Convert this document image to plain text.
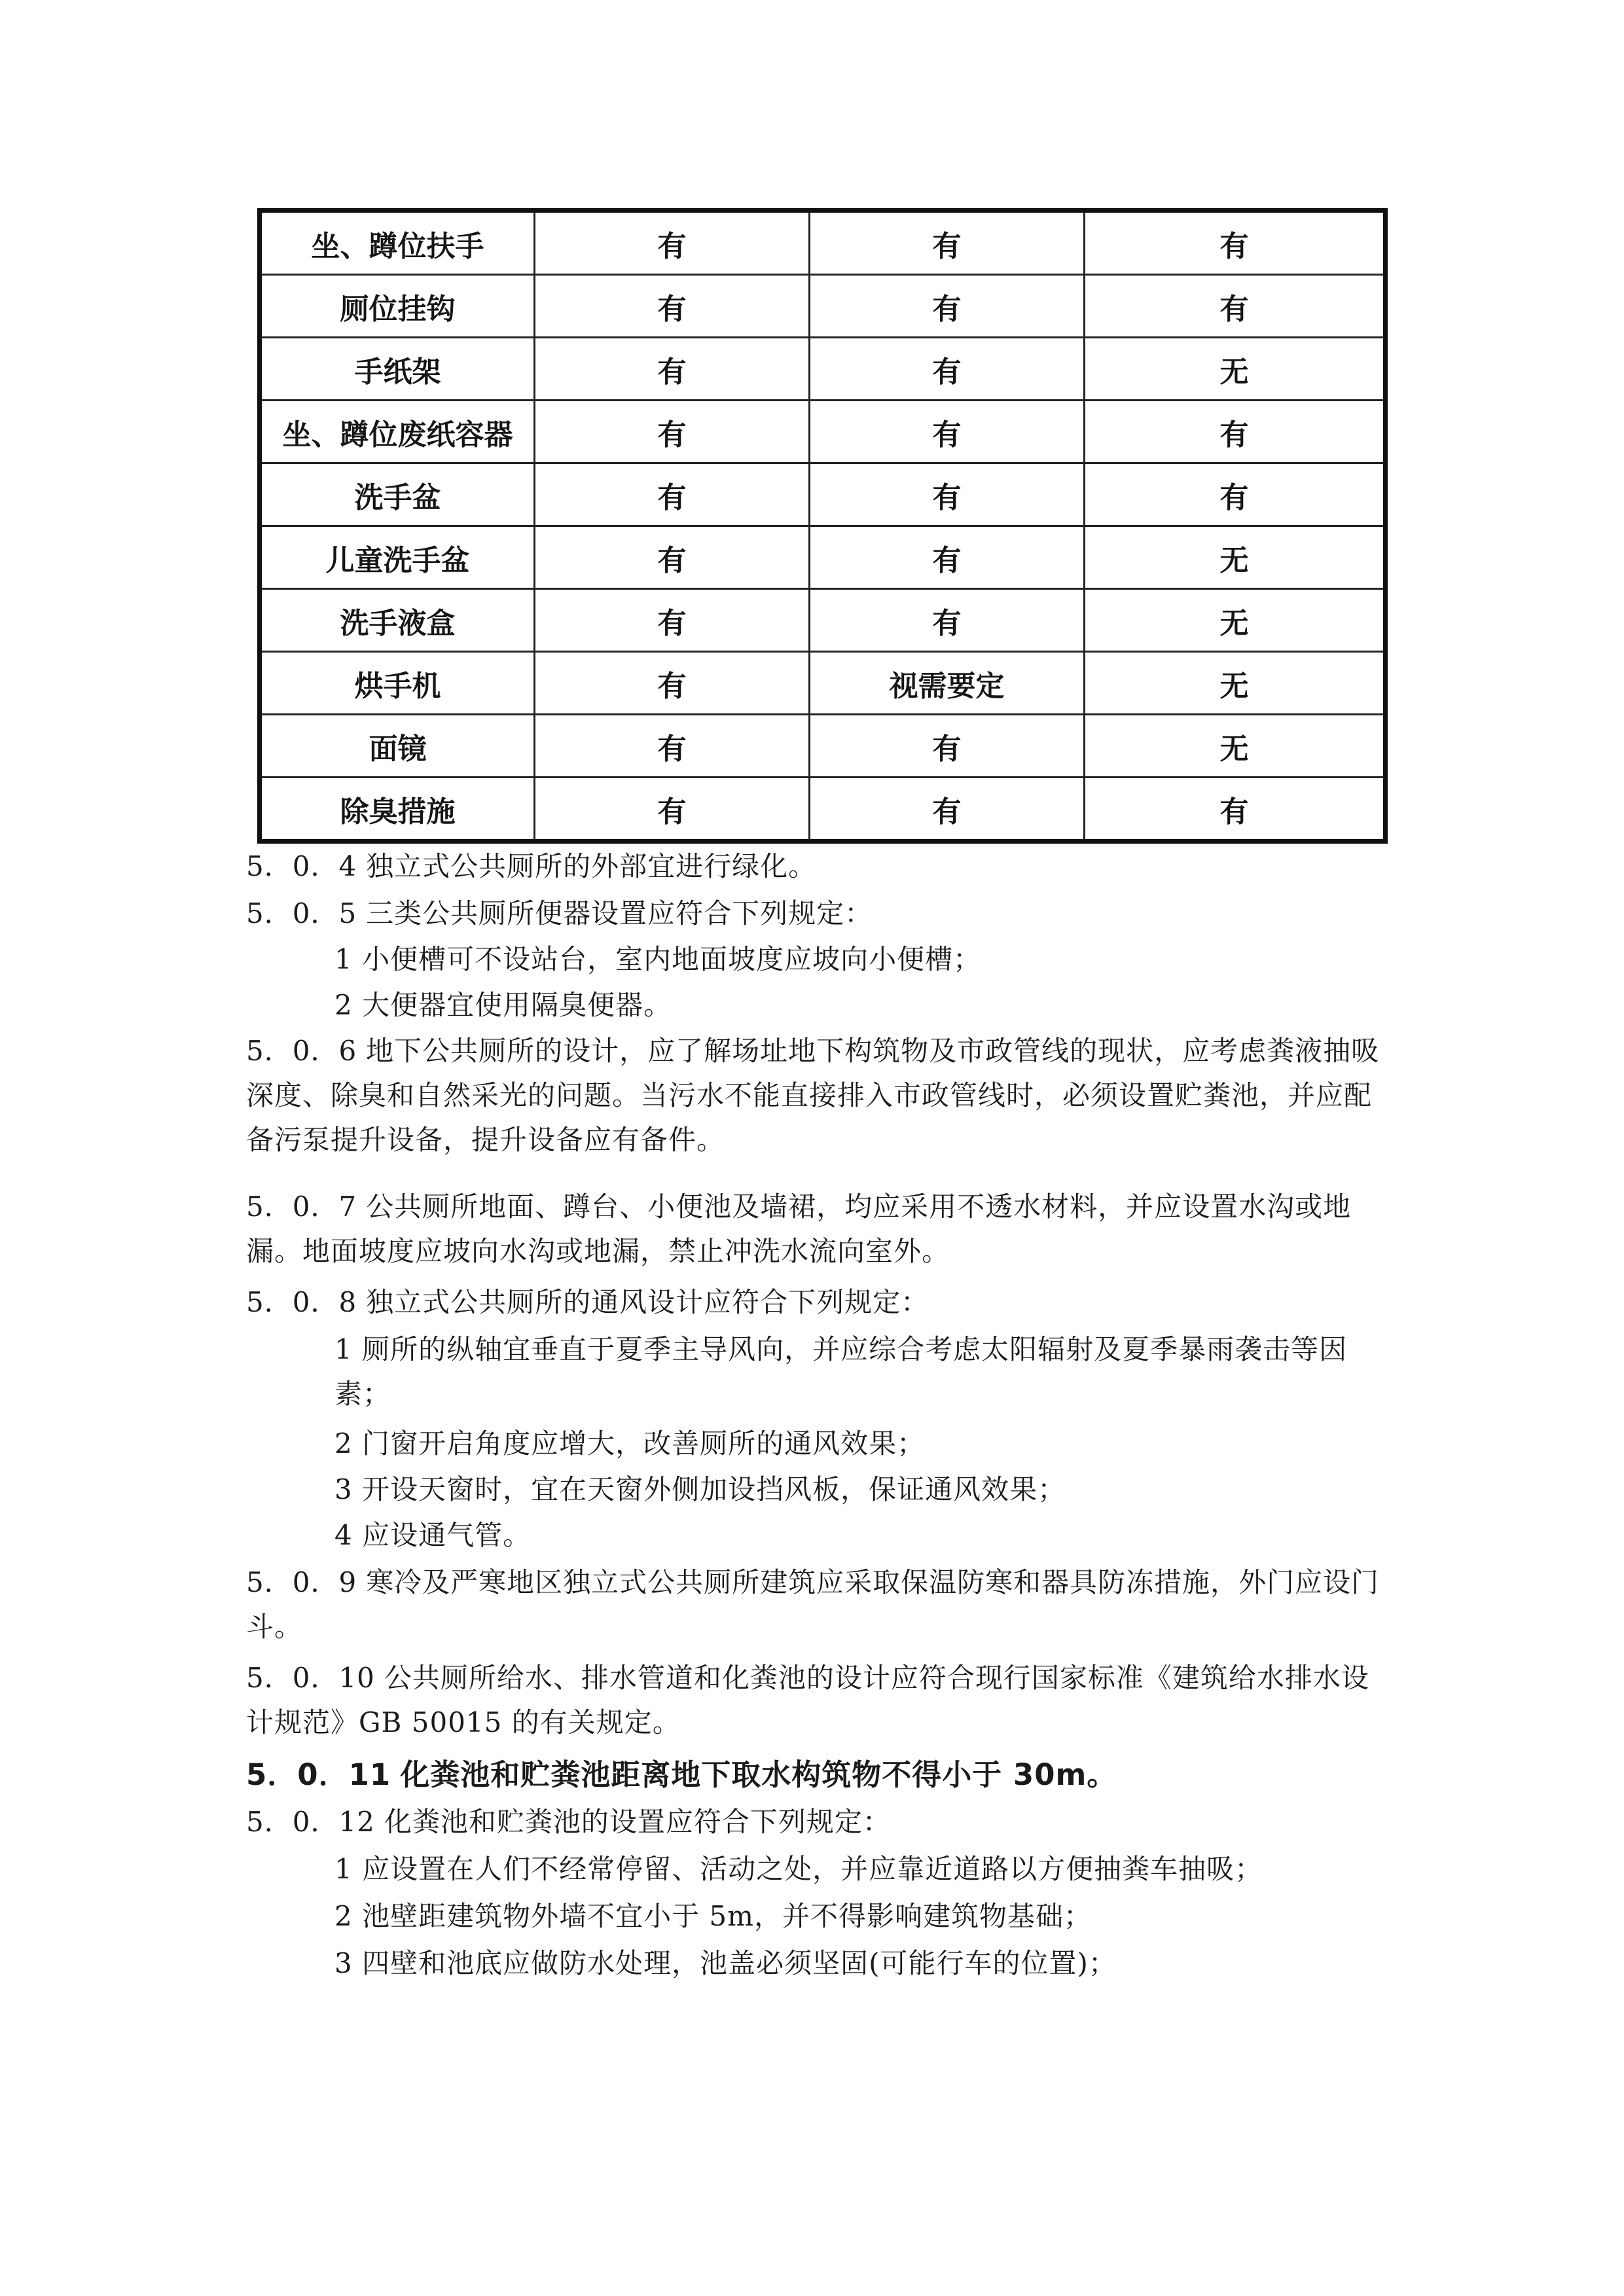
坐、蹲位扶手	有	有	有
厕位挂钩	有	有	有
手纸架	有	有	无
坐、蹲位废纸容器	有	有	有
洗手盆	有	有	有
儿童洗手盆	有	有	无
洗手液盒	有	有	无
烘手机	有	视需要定	无
面镜	有	有	无
除臭措施	有	有	有
5．0．4 独立式公共厕所的外部宜进行绿化。
5．0．5 三类公共厕所便器设置应符合下列规定：
1 小便槽可不设站台，室内地面坡度应坡向小便槽；
2 大便器宜使用隔臭便器。
5．0．6 地下公共厕所的设计，应了解场址地下构筑物及市政管线的现状，应考虑粪液抽吸深度、除臭和自然采光的问题。当污水不能直接排入市政管线时，必须设置贮粪池，并应配备污泵提升设备，提升设备应有备件。
5．0．7 公共厕所地面、蹲台、小便池及墙裙，均应采用不透水材料，并应设置水沟或地漏。地面坡度应坡向水沟或地漏，禁止冲洗水流向室外。
5．0．8 独立式公共厕所的通风设计应符合下列规定：
1 厕所的纵轴宜垂直于夏季主导风向，并应综合考虑太阳辐射及夏季暴雨袭击等因素；
2 门窗开启角度应增大，改善厕所的通风效果；
3 开设天窗时，宜在天窗外侧加设挡风板，保证通风效果；
4 应设通气管。
5．0．9 寒冷及严寒地区独立式公共厕所建筑应采取保温防寒和器具防冻措施，外门应设门斗。
5．0．10 公共厕所给水、排水管道和化粪池的设计应符合现行国家标准《建筑给水排水设计规范》GB 50015 的有关规定。
5．0．11 化粪池和贮粪池距离地下取水构筑物不得小于 30m。
5．0．12 化粪池和贮粪池的设置应符合下列规定：
1 应设置在人们不经常停留、活动之处，并应靠近道路以方便抽粪车抽吸；
2 池壁距建筑物外墙不宜小于 5m，并不得影响建筑物基础；
3 四壁和池底应做防水处理，池盖必须坚固(可能行车的位置)；
